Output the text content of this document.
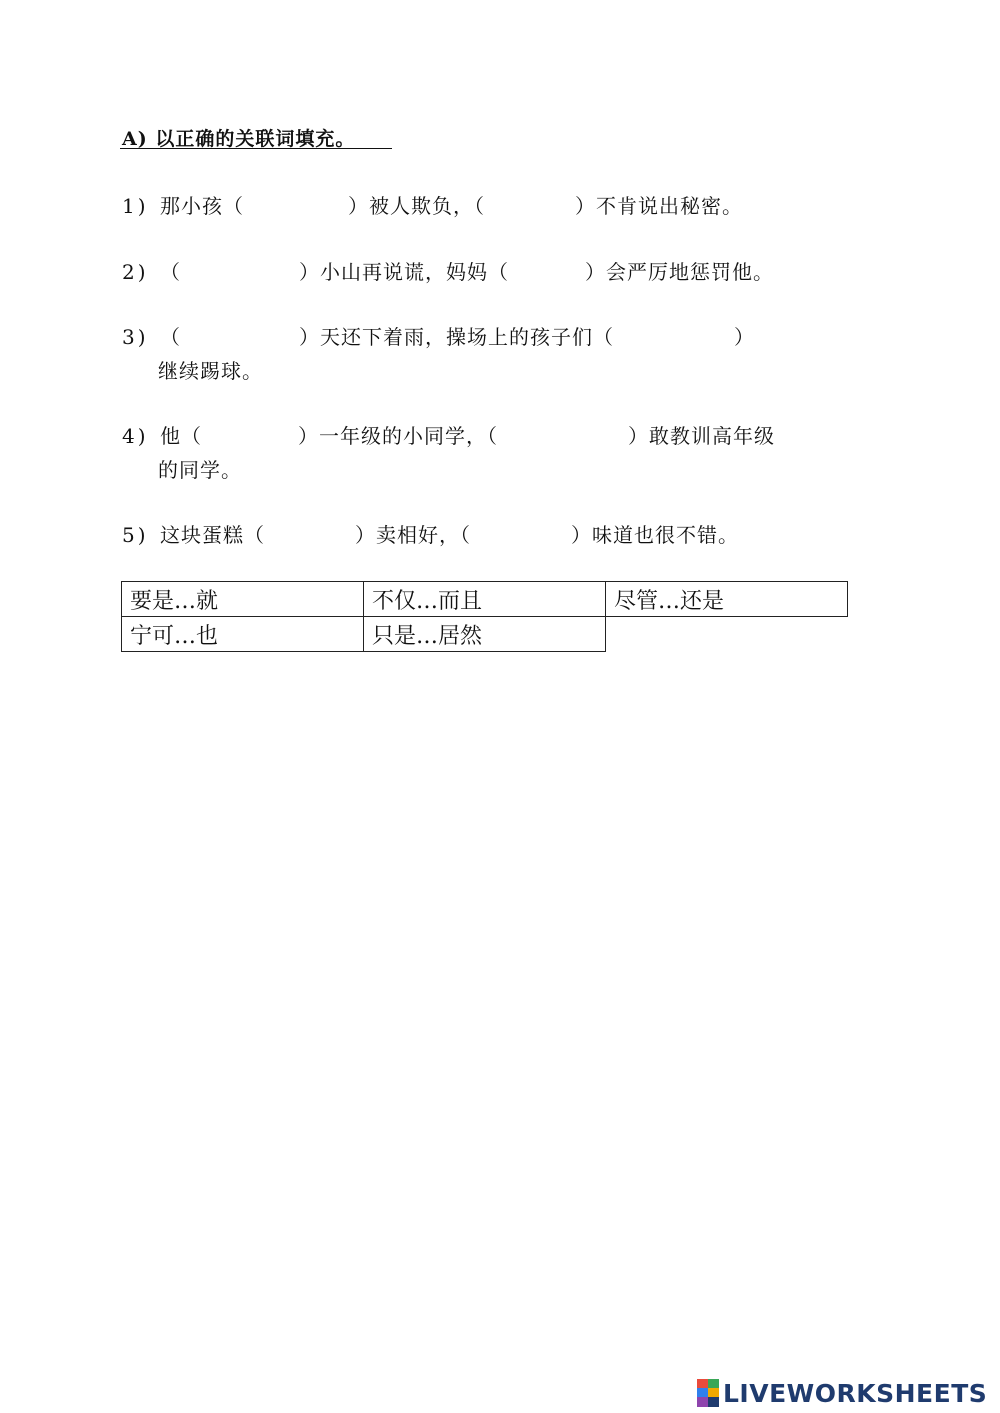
A) 以正确的关联词填充。
1) 那小孩（	）被人欺负，（	）不肯说出秘密。
2) （	）小山再说谎，妈妈（	）会严厉地惩罚他。
3) （	）天还下着雨，操场上的孩子们（	）
继续踢球。
4) 他（	）一年级的小同学，（	）敢教训高年级
的同学。
5) 这块蛋糕（	）卖相好，（	）味道也很不错。
要是…就	不仅…而且	尽管…还是
宁可…也	只是…居然	
LIVEWORKSHEETS
